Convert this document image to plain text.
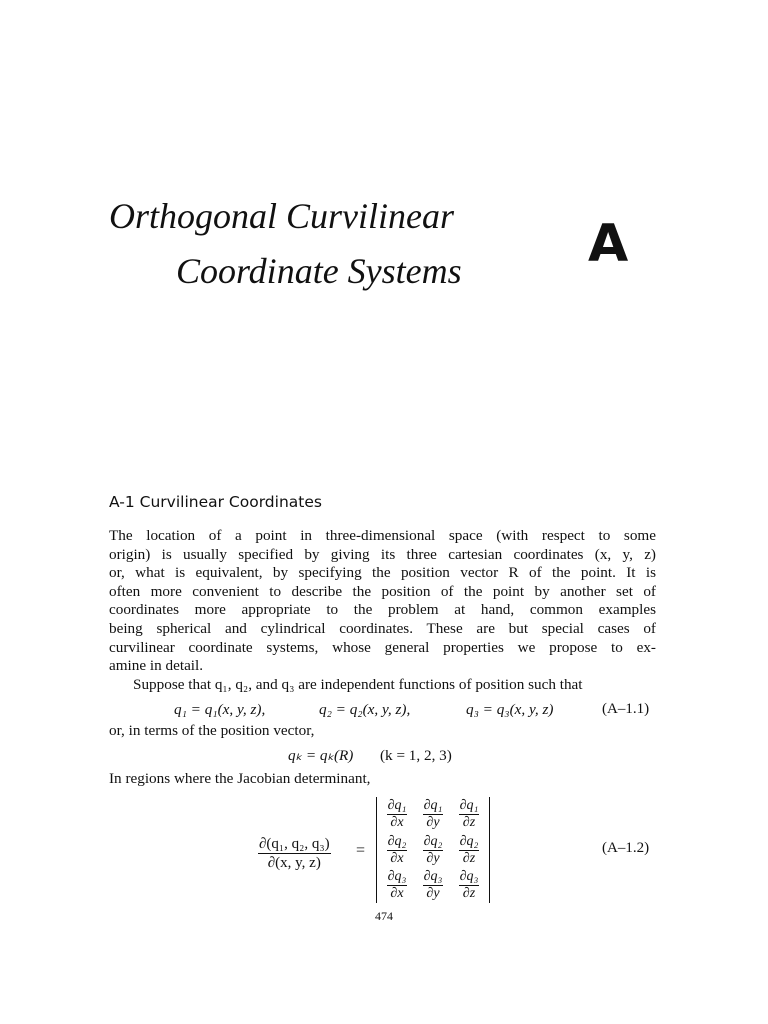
Orthogonal Curvilinear
Coordinate Systems A
A-1 Curvilinear Coordinates
The location of a point in three-dimensional space (with respect to some
origin) is usually specified by giving its three cartesian coordinates (x, y, z)
or, what is equivalent, by specifying the position vector R of the point. It is
often more convenient to describe the position of the point by another set of
coordinates more appropriate to the problem at hand, common examples
being spherical and cylindrical coordinates. These are but special cases of
curvilinear coordinate systems, whose general properties we propose to ex-
amine in detail.
Suppose that q₁, q₂, and q₃ are independent functions of position such that
q₁ = q₁(x, y, z),	q₂ = q₂(x, y, z),	q₃ = q₃(x, y, z)	(A–1.1)
or, in terms of the position vector,
qₖ = qₖ(R) (k = 1, 2, 3)
In regions where the Jacobian determinant,
$\frac{\text{∂(q₁, q₂, q₃)}}{\partial(x, y, z)}$ =
$\frac{\text{∂q₁}}{\partial x} \frac{\text{∂q₁}}{\partial y} \frac{\text{∂q₁}}{\partial z}$
$\frac{\text{∂q₂}}{\partial x} \frac{\text{∂q₂}}{\partial y} \frac{\text{∂q₂}}{\partial z}$
$\frac{\text{∂q₃}}{\partial x} \frac{\text{∂q₃}}{\partial y} \frac{\text{∂q₃}}{\partial z}$
(A–1.2)
474
